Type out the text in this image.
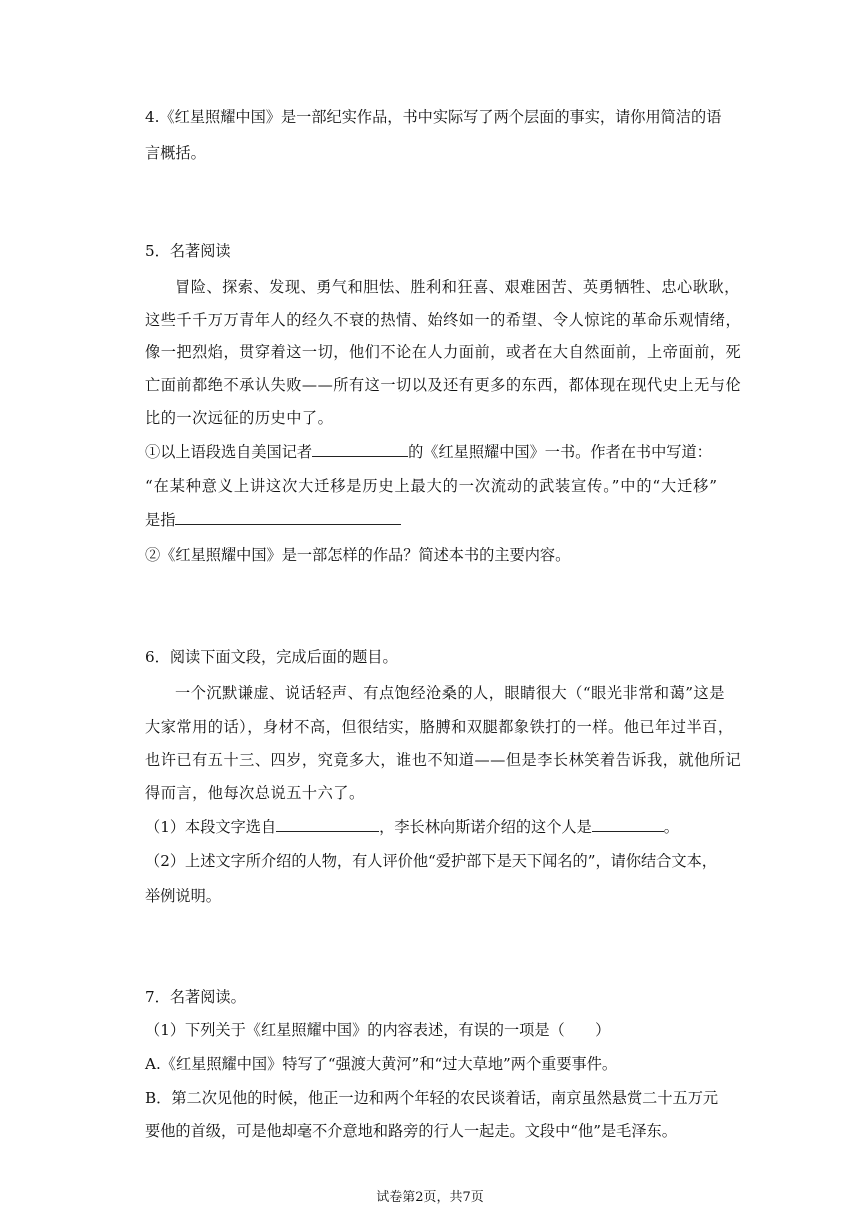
4.《红星照耀中国》是一部纪实作品，书中实际写了两个层面的事实，请你用简洁的语
言概括。
5．名著阅读
冒险、探索、发现、勇气和胆怯、胜利和狂喜、艰难困苦、英勇牺牲、忠心耿耿，
这些千千万万青年人的经久不衰的热情、始终如一的希望、令人惊诧的革命乐观情绪，
像一把烈焰，贯穿着这一切，他们不论在人力面前，或者在大自然面前，上帝面前，死
亡面前都绝不承认失败——所有这一切以及还有更多的东西，都体现在现代史上无与伦
比的一次远征的历史中了。
①以上语段选自美国记者	的《红星照耀中国》一书。作者在书中写道：
“在某种意义上讲这次大迁移是历史上最大的一次流动的武装宣传。”中的“大迁移”
是指
②《红星照耀中国》是一部怎样的作品？简述本书的主要内容。
6．阅读下面文段，完成后面的题目。
一个沉默谦虚、说话轻声、有点饱经沧桑的人，眼睛很大（“眼光非常和蔼”这是
大家常用的话），身材不高，但很结实，胳膊和双腿都象铁打的一样。他已年过半百，
也许已有五十三、四岁，究竟多大，谁也不知道——但是李长林笑着告诉我，就他所记
得而言，他每次总说五十六了。
（1）本段文字选自	，李长林向斯诺介绍的这个人是	。
（2）上述文字所介绍的人物，有人评价他“爱护部下是天下闻名的”，请你结合文本，
举例说明。
7．名著阅读。
（1）下列关于《红星照耀中国》的内容表述，有误的一项是（　　）
A.《红星照耀中国》特写了“强渡大黄河”和“过大草地”两个重要事件。
B．第二次见他的时候，他正一边和两个年轻的农民谈着话，南京虽然悬赏二十五万元
要他的首级，可是他却毫不介意地和路旁的行人一起走。文段中“他”是毛泽东。
试卷第2页，共7页
